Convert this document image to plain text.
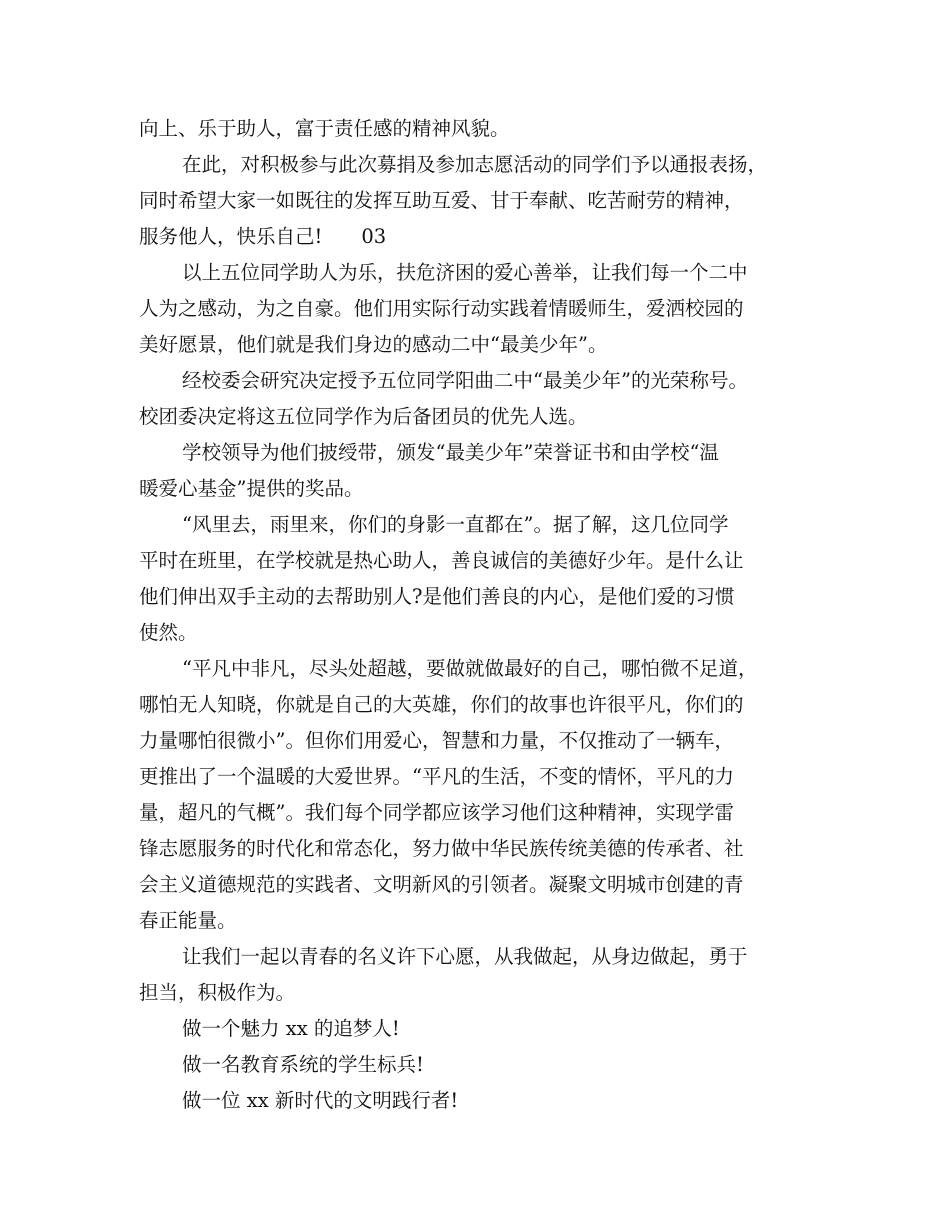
向上、乐于助人，富于责任感的精神风貌。
在此，对积极参与此次募捐及参加志愿活动的同学们予以通报表扬，
同时希望大家一如既往的发挥互助互爱、甘于奉献、吃苦耐劳的精神，
服务他人，快乐自己!　　03
以上五位同学助人为乐，扶危济困的爱心善举，让我们每一个二中
人为之感动，为之自豪。他们用实际行动实践着情暖师生，爱洒校园的
美好愿景，他们就是我们身边的感动二中“最美少年”。
经校委会研究决定授予五位同学阳曲二中“最美少年”的光荣称号。
校团委决定将这五位同学作为后备团员的优先人选。
学校领导为他们披绶带，颁发“最美少年”荣誉证书和由学校“温
暖爱心基金”提供的奖品。
“风里去，雨里来，你们的身影一直都在”。据了解，这几位同学
平时在班里，在学校就是热心助人，善良诚信的美德好少年。是什么让
他们伸出双手主动的去帮助别人?是他们善良的内心，是他们爱的习惯
使然。
“平凡中非凡，尽头处超越，要做就做最好的自己，哪怕微不足道，
哪怕无人知晓，你就是自己的大英雄，你们的故事也许很平凡，你们的
力量哪怕很微小”。但你们用爱心，智慧和力量，不仅推动了一辆车，
更推出了一个温暖的大爱世界。“平凡的生活，不变的情怀，平凡的力
量，超凡的气概”。我们每个同学都应该学习他们这种精神，实现学雷
锋志愿服务的时代化和常态化，努力做中华民族传统美德的传承者、社
会主义道德规范的实践者、文明新风的引领者。凝聚文明城市创建的青
春正能量。
让我们一起以青春的名义许下心愿，从我做起，从身边做起，勇于
担当，积极作为。
做一个魅力 xx 的追梦人!
做一名教育系统的学生标兵!
做一位 xx 新时代的文明践行者!
